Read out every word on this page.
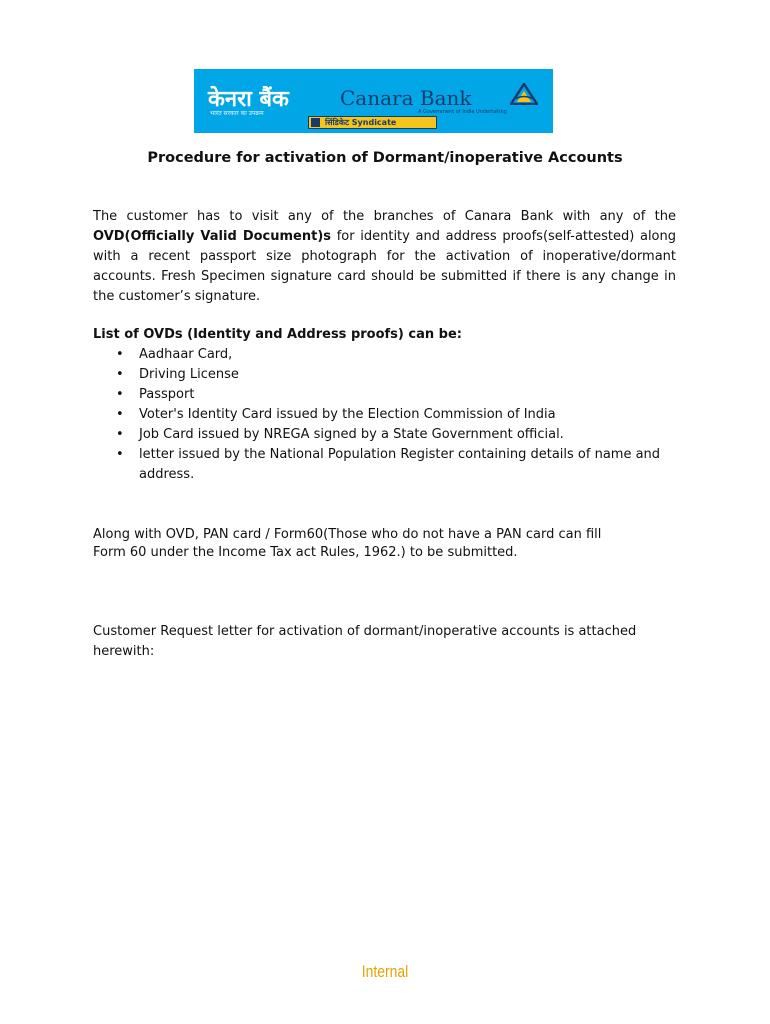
केनरा बैंक
भारत सरकार का उपक्रम
Canara Bank
A Government of India Undertaking
सिंडिकेट Syndicate
Procedure for activation of Dormant/inoperative Accounts

The customer has to visit any of the branches of Canara Bank with any of the OVD(Officially Valid Document)s for identity and address proofs(self-attested) along with a recent passport size photograph for the activation of inoperative/dormant accounts. Fresh Specimen signature card should be submitted if there is any change in the customer’s signature.

List of OVDs (Identity and Address proofs) can be:
• Aadhaar Card,
• Driving License
• Passport
• Voter's Identity Card issued by the Election Commission of India
• Job Card issued by NREGA signed by a State Government official.
• letter issued by the National Population Register containing details of name and address.

Along with OVD, PAN card / Form60(Those who do not have a PAN card can fill
Form 60 under the Income Tax act Rules, 1962.) to be submitted.

Customer Request letter for activation of dormant/inoperative accounts is attached herewith:

Internal
